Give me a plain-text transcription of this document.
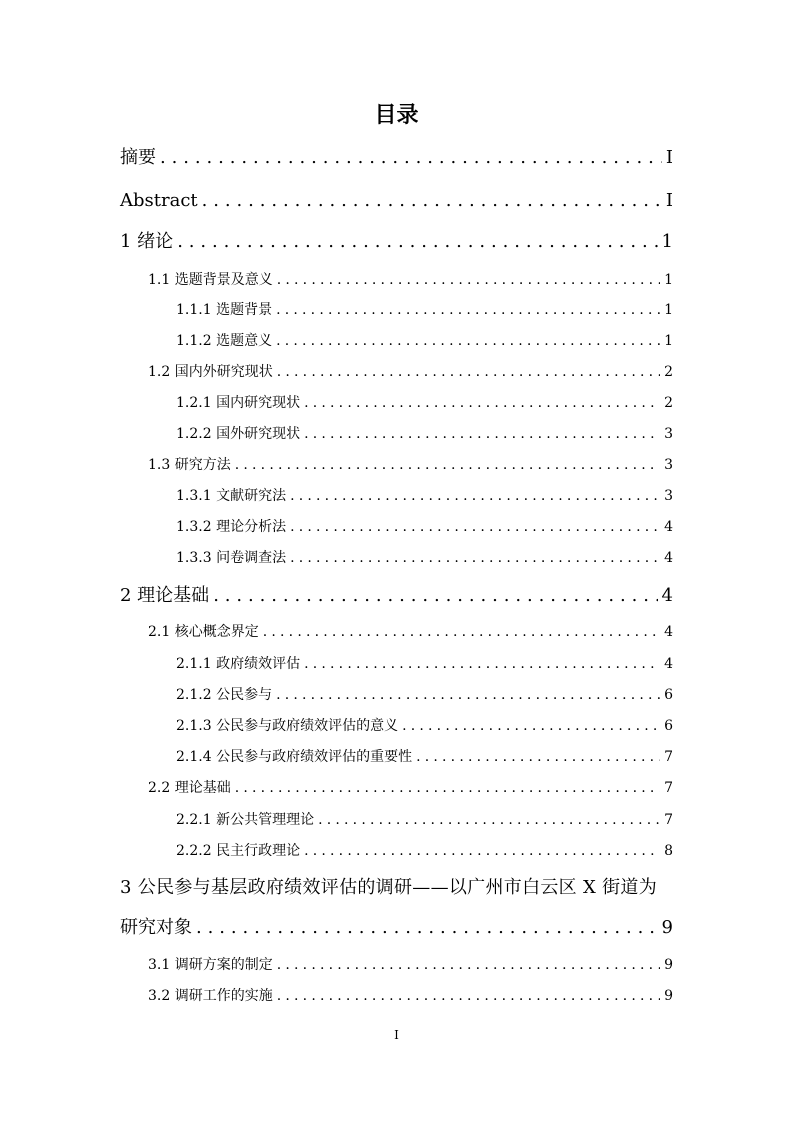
目录
摘要 .....	I
Abstract .....	I
1 绪论 .....	1
1.1 选题背景及意义 .....	1
1.1.1 选题背景 .....	1
1.1.2 选题意义 .....	1
1.2 国内外研究现状 .....	2
1.2.1 国内研究现状 .....	2
1.2.2 国外研究现状 .....	3
1.3 研究方法 .....	3
1.3.1 文献研究法 .....	3
1.3.2 理论分析法 .....	4
1.3.3 问卷调查法 .....	4
2 理论基础 .....	4
2.1 核心概念界定 .....	4
2.1.1 政府绩效评估 .....	4
2.1.2 公民参与 .....	6
2.1.3 公民参与政府绩效评估的意义 .....	6
2.1.4 公民参与政府绩效评估的重要性 .....	7
2.2 理论基础 .....	7
2.2.1 新公共管理理论 .....	7
2.2.2 民主行政理论 .....	8
3 公民参与基层政府绩效评估的调研——以广州市白云区 X 街道为
研究对象 .....	9
3.1 调研方案的制定 .....	9
3.2 调研工作的实施 .....	9
I
